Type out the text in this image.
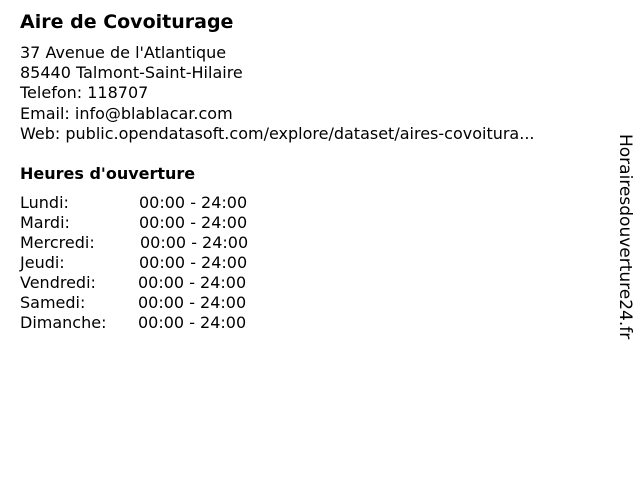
Aire de Covoiturage
37 Avenue de l'Atlantique
85440 Talmont-Saint-Hilaire
Telefon: 118707
Email: info@blablacar.com
Web: public.opendatasoft.com/explore/dataset/aires-covoitura...
Heures d'ouverture
Lundi:	00:00 - 24:00
Mardi:	00:00 - 24:00
Mercredi:	00:00 - 24:00
Jeudi:	00:00 - 24:00
Vendredi:	00:00 - 24:00
Samedi:	00:00 - 24:00
Dimanche: 00:00 - 24:00	Horairesdouverture24.fr
